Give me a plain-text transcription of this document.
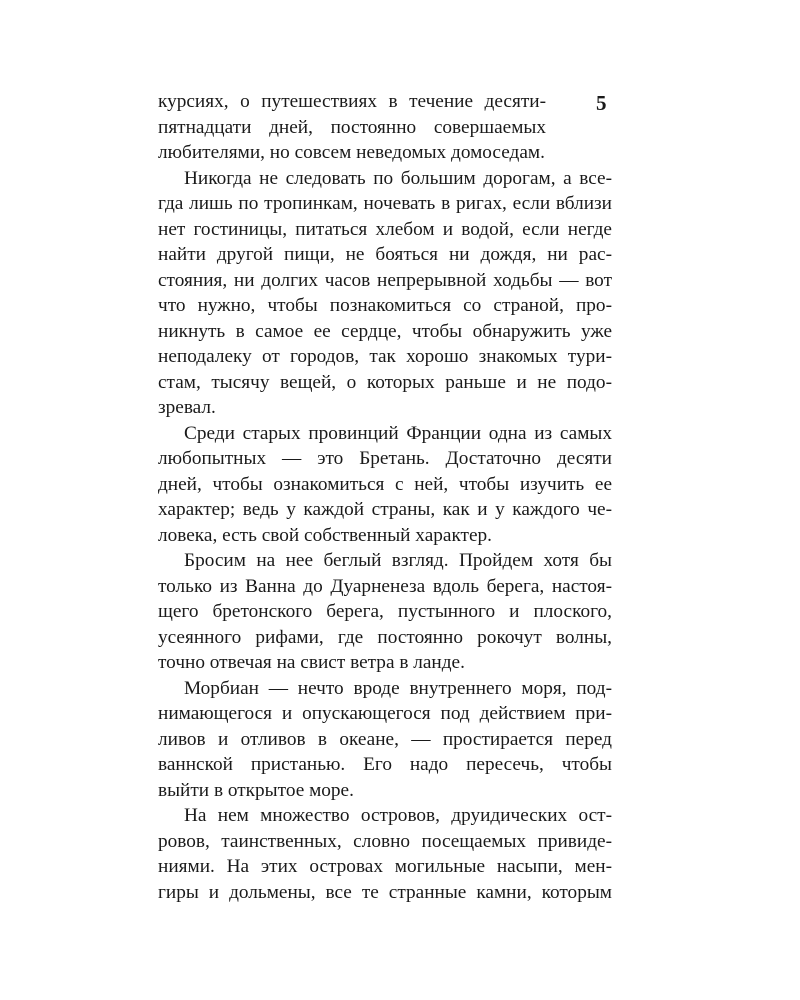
5
курсиях, о путешествиях в течение десяти-
пятнадцати дней, постоянно совершаемых
любителями, но совсем неведомых домоседам.
Никогда не следовать по большим дорогам, а все-
гда лишь по тропинкам, ночевать в ригах, если вблизи
нет гостиницы, питаться хлебом и водой, если негде
найти другой пищи, не бояться ни дождя, ни рас-
стояния, ни долгих часов непрерывной ходьбы — вот
что нужно, чтобы познакомиться со страной, про-
никнуть в самое ее сердце, чтобы обнаружить уже
неподалеку от городов, так хорошо знакомых тури-
стам, тысячу вещей, о которых раньше и не подо-
зревал.
Среди старых провинций Франции одна из самых
любопытных — это Бретань. Достаточно десяти
дней, чтобы ознакомиться с ней, чтобы изучить ее
характер; ведь у каждой страны, как и у каждого че-
ловека, есть свой собственный характер.
Бросим на нее беглый взгляд. Пройдем хотя бы
только из Ванна до Дуарненеза вдоль берега, настоя-
щего бретонского берега, пустынного и плоского,
усеянного рифами, где постоянно рокочут волны,
точно отвечая на свист ветра в ланде.
Морбиан — нечто вроде внутреннего моря, под-
нимающегося и опускающегося под действием при-
ливов и отливов в океане, — простирается перед
ваннской пристанью. Его надо пересечь, чтобы
выйти в открытое море.
На нем множество островов, друидических ост-
ровов, таинственных, словно посещаемых привиде-
ниями. На этих островах могильные насыпи, мен-
гиры и дольмены, все те странные камни, которым
